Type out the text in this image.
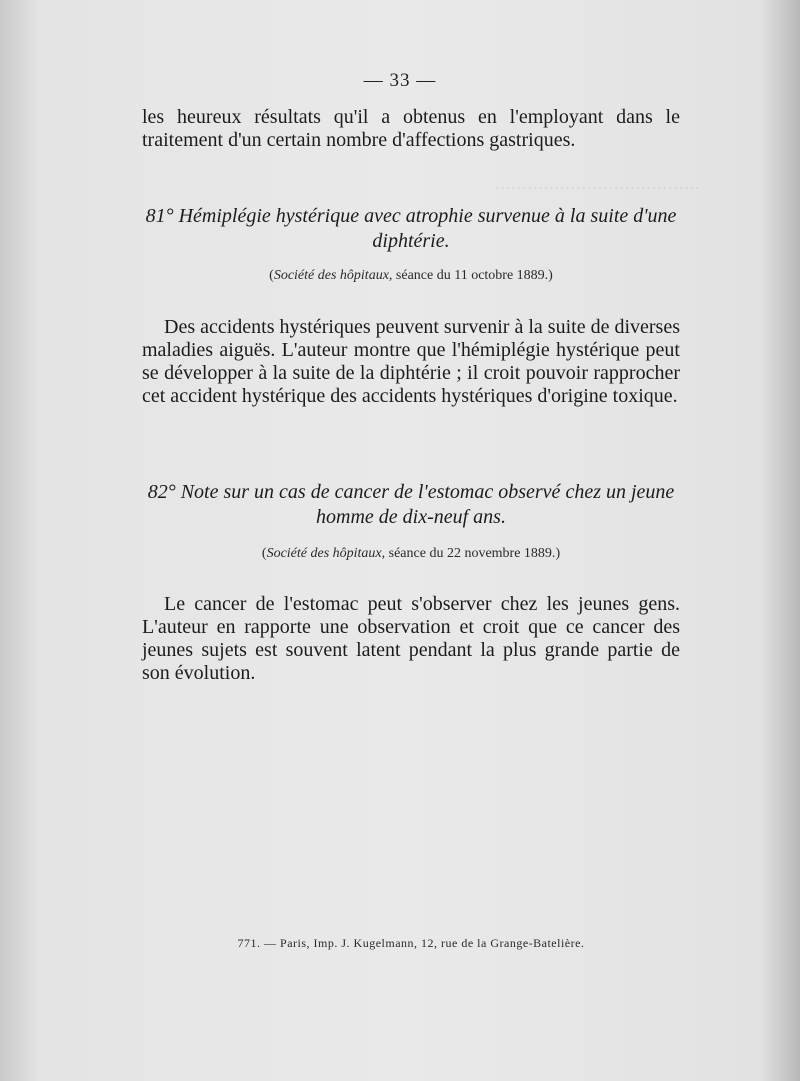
......................................
— 33 —
les heureux résultats qu'il a obtenus en l'employant dans le traitement d'un certain nombre d'affections gastriques.
81° Hémiplégie hystérique avec atrophie survenue à la suite d'une diphtérie.
(Société des hôpitaux, séance du 11 octobre 1889.)
Des accidents hystériques peuvent survenir à la suite de diverses maladies aiguës. L'auteur montre que l'hémiplégie hystérique peut se développer à la suite de la diphtérie ; il croit pouvoir rapprocher cet accident hystérique des accidents hystériques d'origine toxique.
82° Note sur un cas de cancer de l'estomac observé chez un jeune homme de dix-neuf ans.
(Société des hôpitaux, séance du 22 novembre 1889.)
Le cancer de l'estomac peut s'observer chez les jeunes gens. L'auteur en rapporte une observation et croit que ce cancer des jeunes sujets est souvent latent pendant la plus grande partie de son évolution.
771. — Paris, Imp. J. Kugelmann, 12, rue de la Grange-Batelière.
